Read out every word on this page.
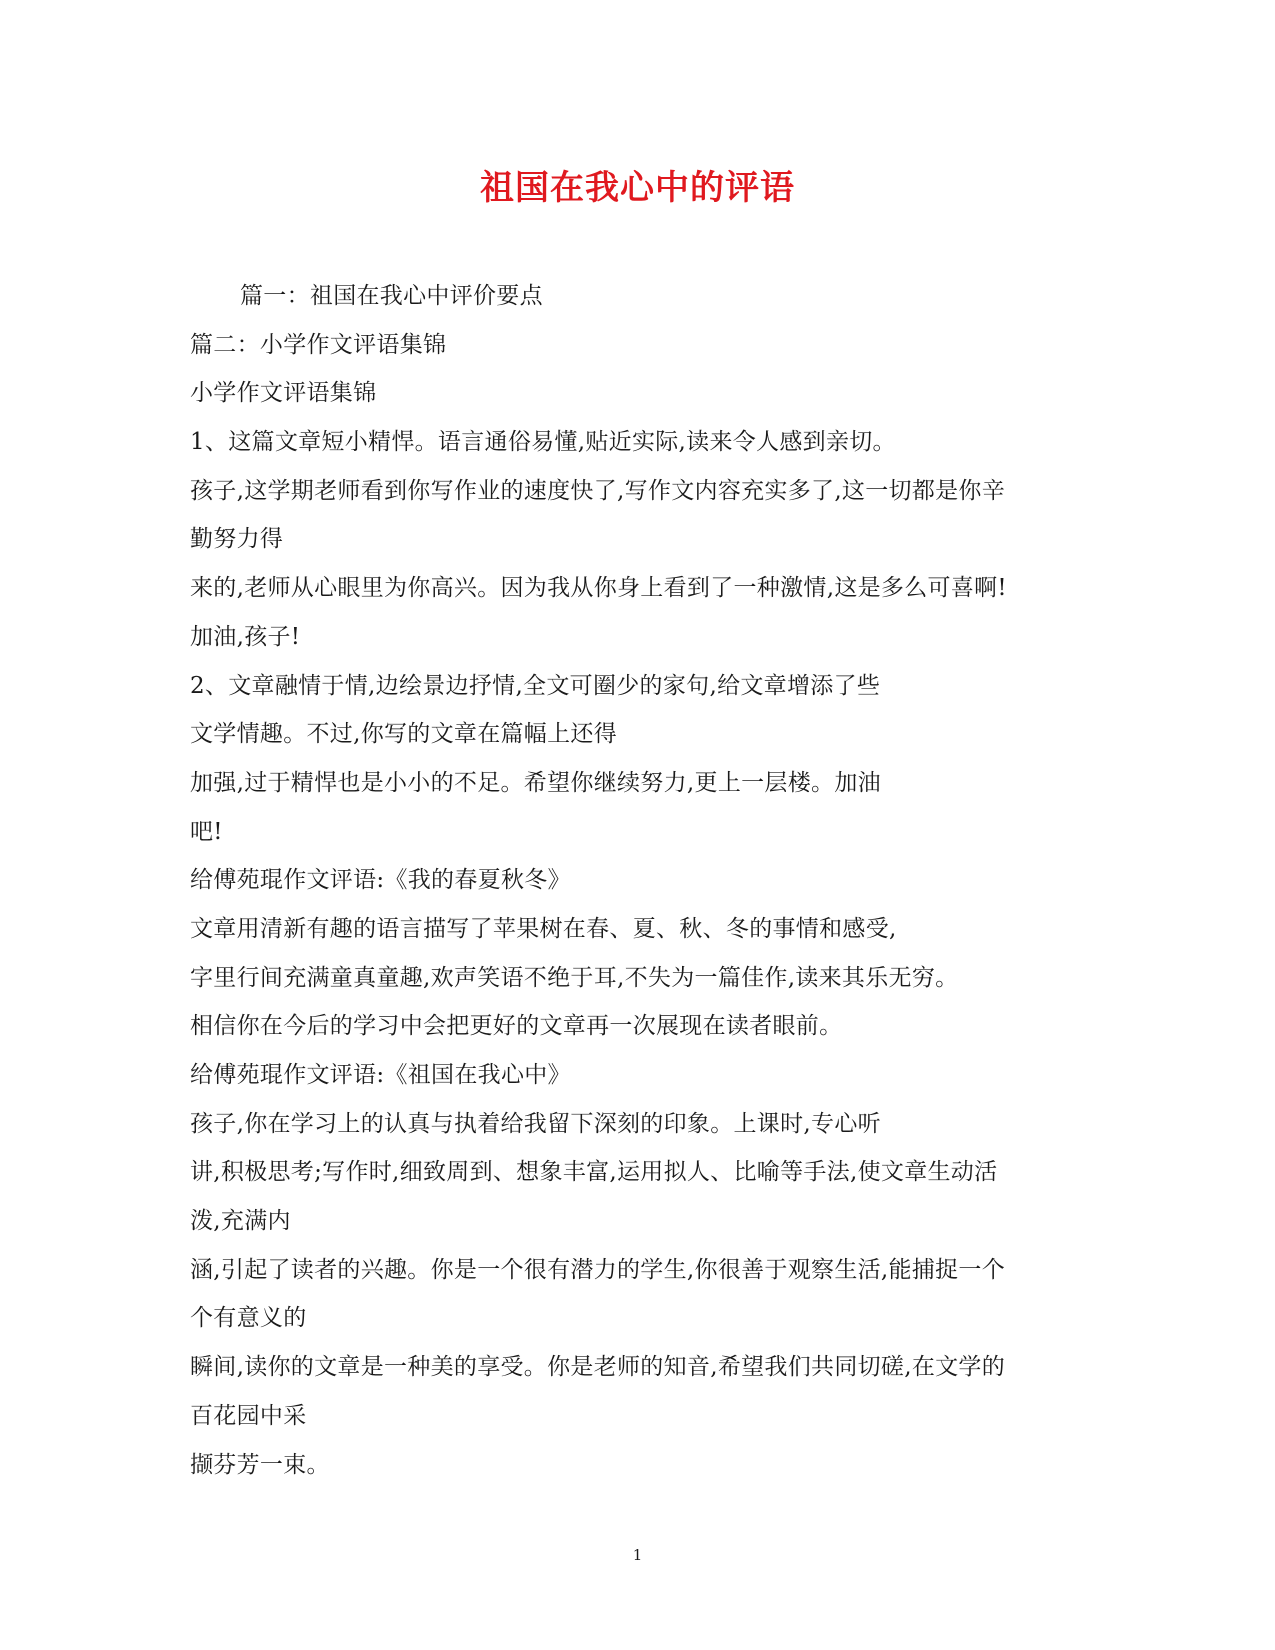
祖国在我心中的评语
篇一：祖国在我心中评价要点
篇二：小学作文评语集锦
小学作文评语集锦
1、这篇文章短小精悍。语言通俗易懂,贴近实际,读来令人感到亲切。
孩子,这学期老师看到你写作业的速度快了,写作文内容充实多了,这一切都是你辛
勤努力得
来的,老师从心眼里为你高兴。因为我从你身上看到了一种激情,这是多么可喜啊!
加油,孩子!
2、文章融情于情,边绘景边抒情,全文可圈少的家句,给文章增添了些
文学情趣。不过,你写的文章在篇幅上还得
加强,过于精悍也是小小的不足。希望你继续努力,更上一层楼。加油
吧!
给傅苑琨作文评语:《我的春夏秋冬》
文章用清新有趣的语言描写了苹果树在春、夏、秋、冬的事情和感受,
字里行间充满童真童趣,欢声笑语不绝于耳,不失为一篇佳作,读来其乐无穷。
相信你在今后的学习中会把更好的文章再一次展现在读者眼前。
给傅苑琨作文评语:《祖国在我心中》
孩子,你在学习上的认真与执着给我留下深刻的印象。上课时,专心听
讲,积极思考;写作时,细致周到、想象丰富,运用拟人、比喻等手法,使文章生动活
泼,充满内
涵,引起了读者的兴趣。你是一个很有潜力的学生,你很善于观察生活,能捕捉一个
个有意义的
瞬间,读你的文章是一种美的享受。你是老师的知音,希望我们共同切磋,在文学的
百花园中采
撷芬芳一束。
1
